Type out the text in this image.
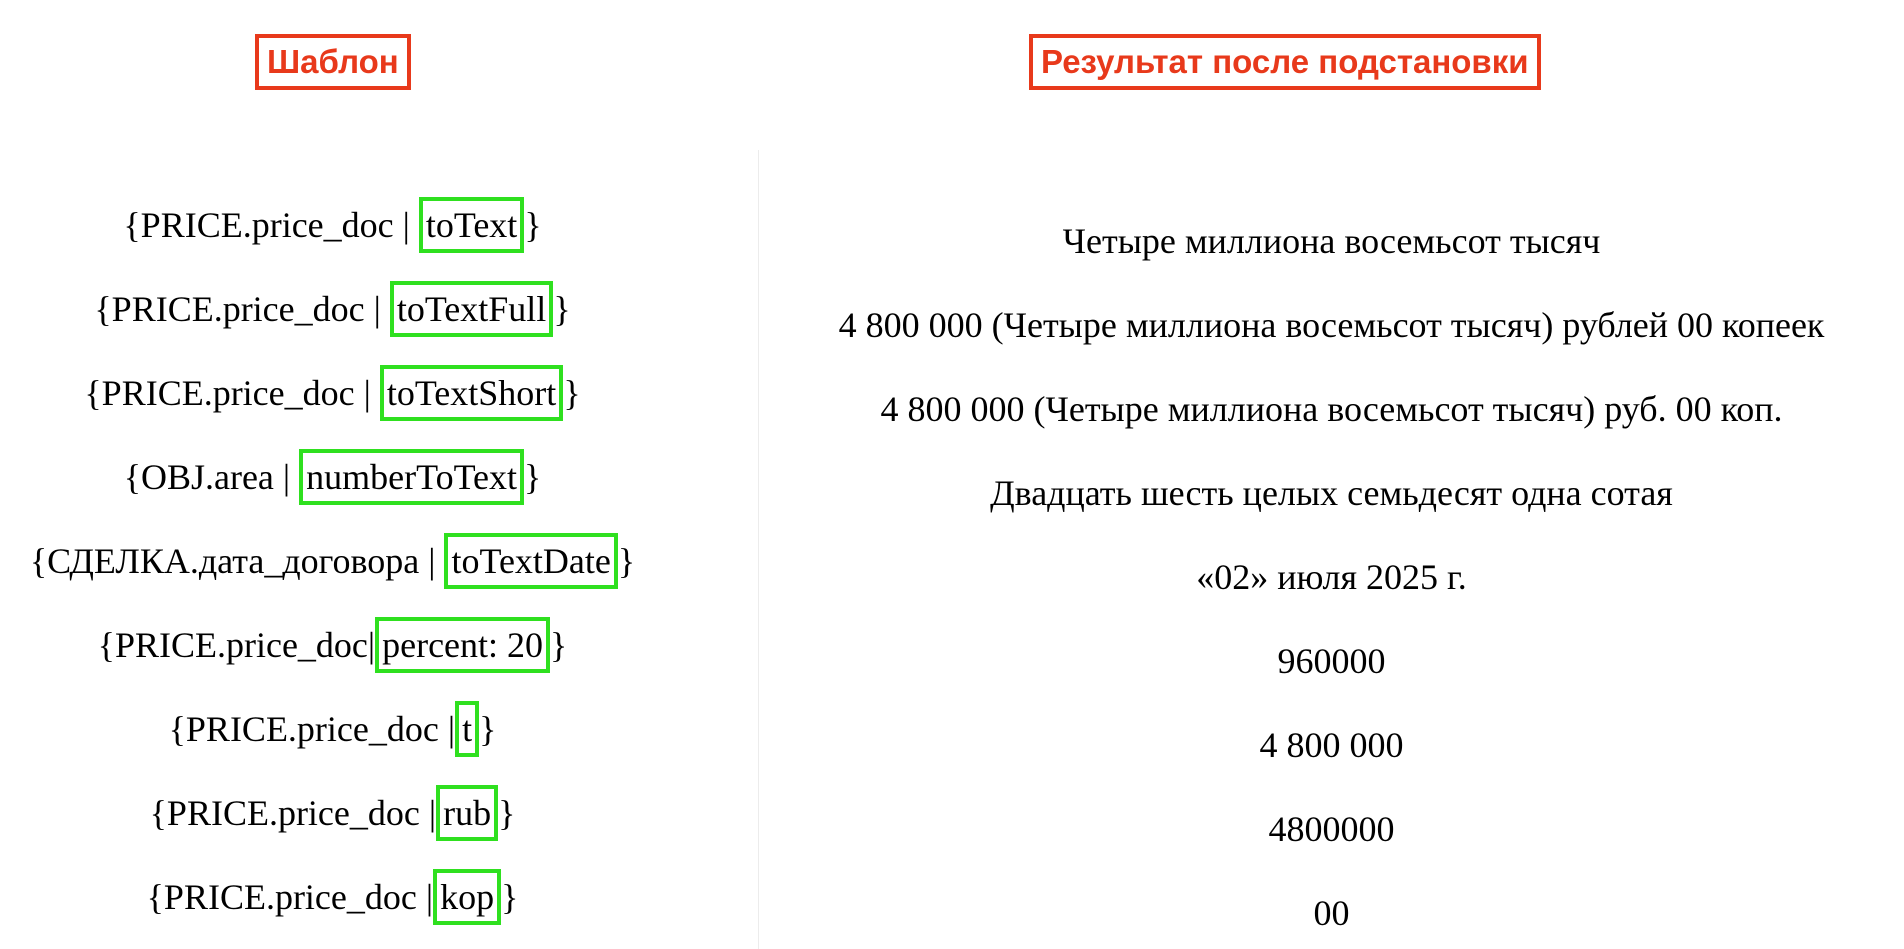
Шаблон	Результат после подстановки
{PRICE.price_doc | toText }
{PRICE.price_doc | toTextFull }
{PRICE.price_doc | toTextShort }
{OBJ.area | numberToText }
{СДЕЛКА.дата_договора | toTextDate }
{PRICE.price_doc| percent: 20 }
{PRICE.price_doc | t }
{PRICE.price_doc | rub }
{PRICE.price_doc | kop }
Четыре миллиона восемьсот тысяч
4 800 000 (Четыре миллиона восемьсот тысяч) рублей 00 копеек
4 800 000 (Четыре миллиона восемьсот тысяч) руб. 00 коп.
Двадцать шесть целых семьдесят одна сотая
«02» июля 2025 г.
960000
4 800 000
4800000
00
